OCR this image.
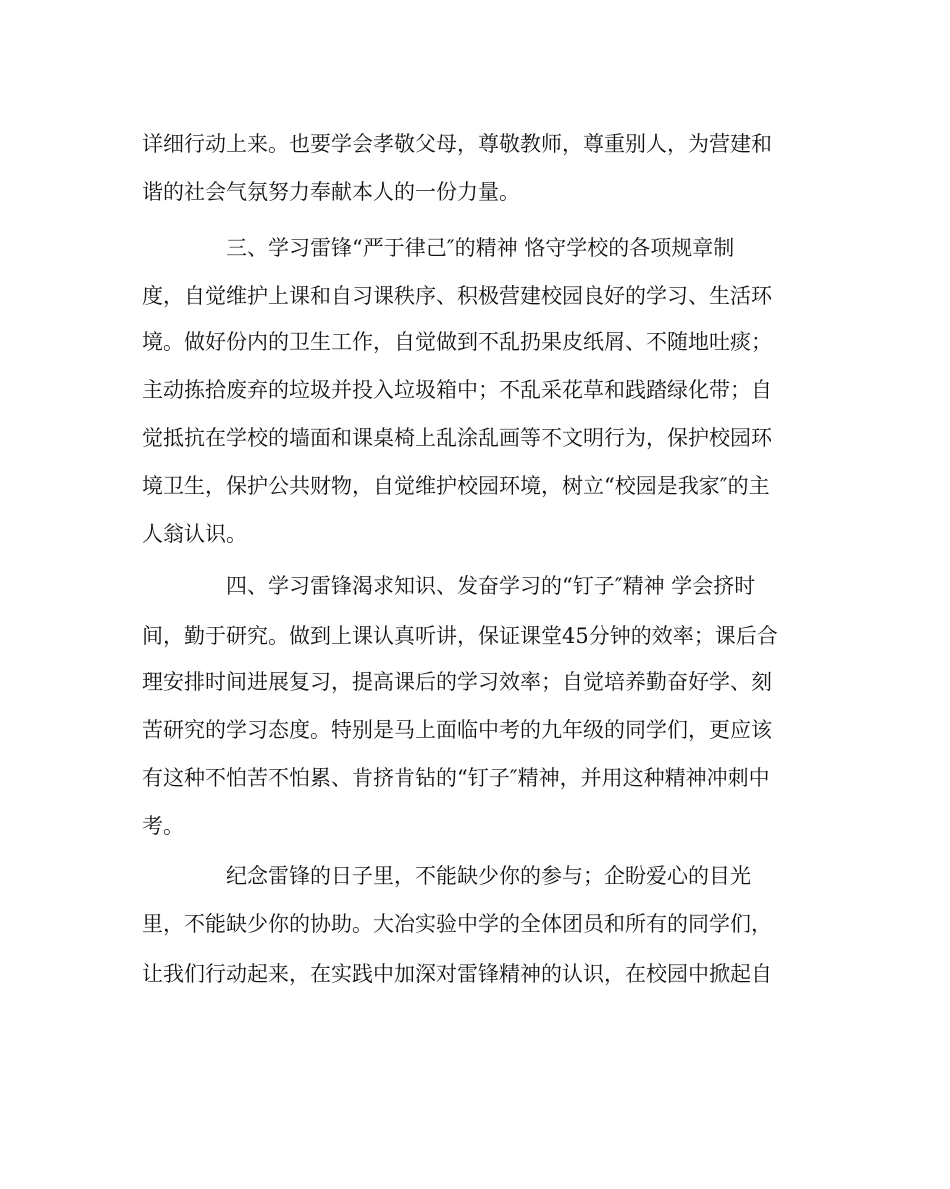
详细行动上来。也要学会孝敬父母，尊敬教师，尊重别人，为营建和
谐的社会气氛努力奉献本人的一份力量。
三、学习雷锋“严于律己″的精神 恪守学校的各项规章制
度，自觉维护上课和自习课秩序、积极营建校园良好的学习、生活环
境。做好份内的卫生工作，自觉做到不乱扔果皮纸屑、不随地吐痰；
主动拣拾废弃的垃圾并投入垃圾箱中；不乱采花草和践踏绿化带；自
觉抵抗在学校的墙面和课桌椅上乱涂乱画等不文明行为，保护校园环
境卫生，保护公共财物，自觉维护校园环境，树立“校园是我家″的主
人翁认识。
四、学习雷锋渴求知识、发奋学习的“钉子″精神 学会挤时
间，勤于研究。做到上课认真听讲，保证课堂45分钟的效率；课后合
理安排时间进展复习，提高课后的学习效率；自觉培养勤奋好学、刻
苦研究的学习态度。特别是马上面临中考的九年级的同学们，更应该
有这种不怕苦不怕累、肯挤肯钻的“钉子″精神，并用这种精神冲刺中
考。
纪念雷锋的日子里，不能缺少你的参与；企盼爱心的目光
里，不能缺少你的协助。大冶实验中学的全体团员和所有的同学们，
让我们行动起来，在实践中加深对雷锋精神的认识，在校园中掀起自
